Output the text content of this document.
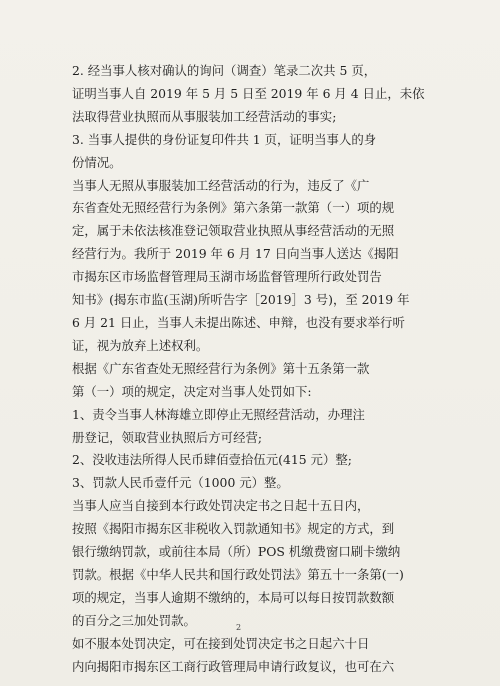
2. 经当事人核对确认的询问（调查）笔录二次共 5 页，
证明当事人自 2019 年 5 月 5 日至 2019 年 6 月 4 日止，未依
法取得营业执照而从事服装加工经营活动的事实;
3. 当事人提供的身份证复印件共 1 页，证明当事人的身
份情况。
当事人无照从事服装加工经营活动的行为，违反了《广
东省查处无照经营行为条例》第六条第一款第（一）项的规
定，属于未依法核准登记领取营业执照从事经营活动的无照
经营行为。我所于 2019 年 6 月 17 日向当事人送达《揭阳
市揭东区市场监督管理局玉湖市场监督管理所行政处罚告
知书》(揭东市监(玉湖)所听告字［2019］3 号)，至 2019 年
6 月 21 日止，当事人未提出陈述、申辩，也没有要求举行听
证，视为放弃上述权利。
根据《广东省查处无照经营行为条例》第十五条第一款
第（一）项的规定，决定对当事人处罚如下:
1、责令当事人林海雄立即停止无照经营活动，办理注
册登记，领取营业执照后方可经营;
2、没收违法所得人民币肆佰壹拾伍元(415 元）整;
3、罚款人民币壹仟元（1000 元）整。
当事人应当自接到本行政处罚决定书之日起十五日内，
按照《揭阳市揭东区非税收入罚款通知书》规定的方式，到
银行缴纳罚款，或前往本局（所）POS 机缴费窗口刷卡缴纳
罚款。根据《中华人民共和国行政处罚法》第五十一条第(一)
项的规定，当事人逾期不缴纳的，本局可以每日按罚款数额
的百分之三加处罚款。
如不服本处罚决定，可在接到处罚决定书之日起六十日
内向揭阳市揭东区工商行政管理局申请行政复议，也可在六
2
